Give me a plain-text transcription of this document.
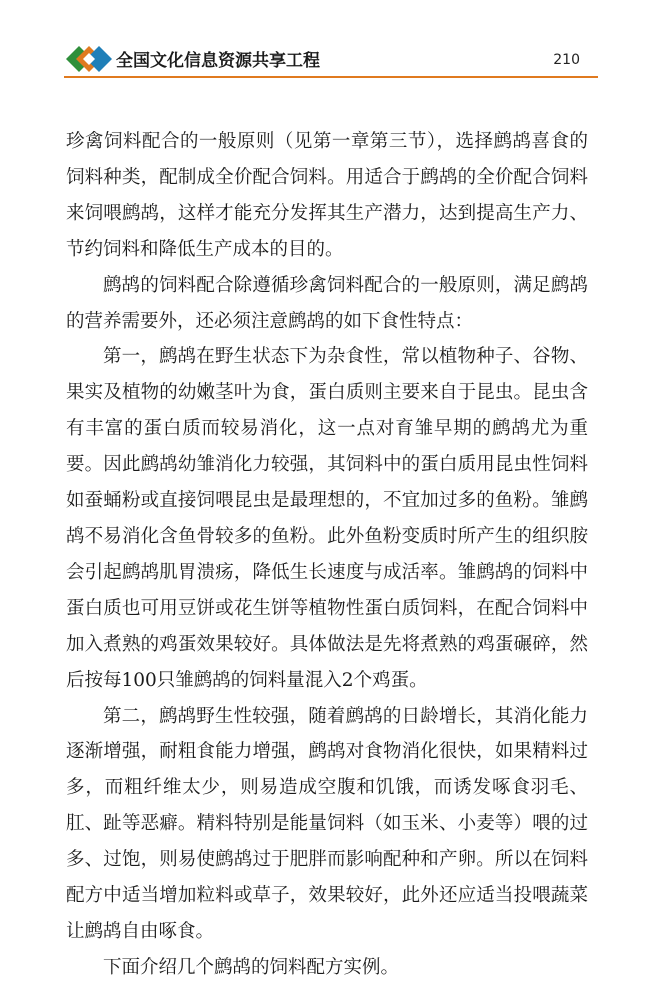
全国文化信息资源共享工程	210

珍禽饲料配合的一般原则（见第一章第三节），选择鹧鸪喜食的饲料种类，配制成全价配合饲料。用适合于鹧鸪的全价配合饲料来饲喂鹧鸪，这样才能充分发挥其生产潜力，达到提高生产力、节约饲料和降低生产成本的目的。

鹧鸪的饲料配合除遵循珍禽饲料配合的一般原则，满足鹧鸪的营养需要外，还必须注意鹧鸪的如下食性特点：

第一，鹧鸪在野生状态下为杂食性，常以植物种子、谷物、果实及植物的幼嫩茎叶为食，蛋白质则主要来自于昆虫。昆虫含有丰富的蛋白质而较易消化，这一点对育雏早期的鹧鸪尤为重要。因此鹧鸪幼雏消化力较强，其饲料中的蛋白质用昆虫性饲料如蚕蛹粉或直接饲喂昆虫是最理想的，不宜加过多的鱼粉。雏鹧鸪不易消化含鱼骨较多的鱼粉。此外鱼粉变质时所产生的组织胺会引起鹧鸪肌胃溃疡，降低生长速度与成活率。雏鹧鸪的饲料中蛋白质也可用豆饼或花生饼等植物性蛋白质饲料，在配合饲料中加入煮熟的鸡蛋效果较好。具体做法是先将煮熟的鸡蛋碾碎，然后按每100只雏鹧鸪的饲料量混入2个鸡蛋。

第二，鹧鸪野生性较强，随着鹧鸪的日龄增长，其消化能力逐渐增强，耐粗食能力增强，鹧鸪对食物消化很快，如果精料过多，而粗纤维太少，则易造成空腹和饥饿，而诱发啄食羽毛、肛、趾等恶癖。精料特别是能量饲料（如玉米、小麦等）喂的过多、过饱，则易使鹧鸪过于肥胖而影响配种和产卵。所以在饲料配方中适当增加粒料或草子，效果较好，此外还应适当投喂蔬菜让鹧鸪自由啄食。

下面介绍几个鹧鸪的饲料配方实例。
